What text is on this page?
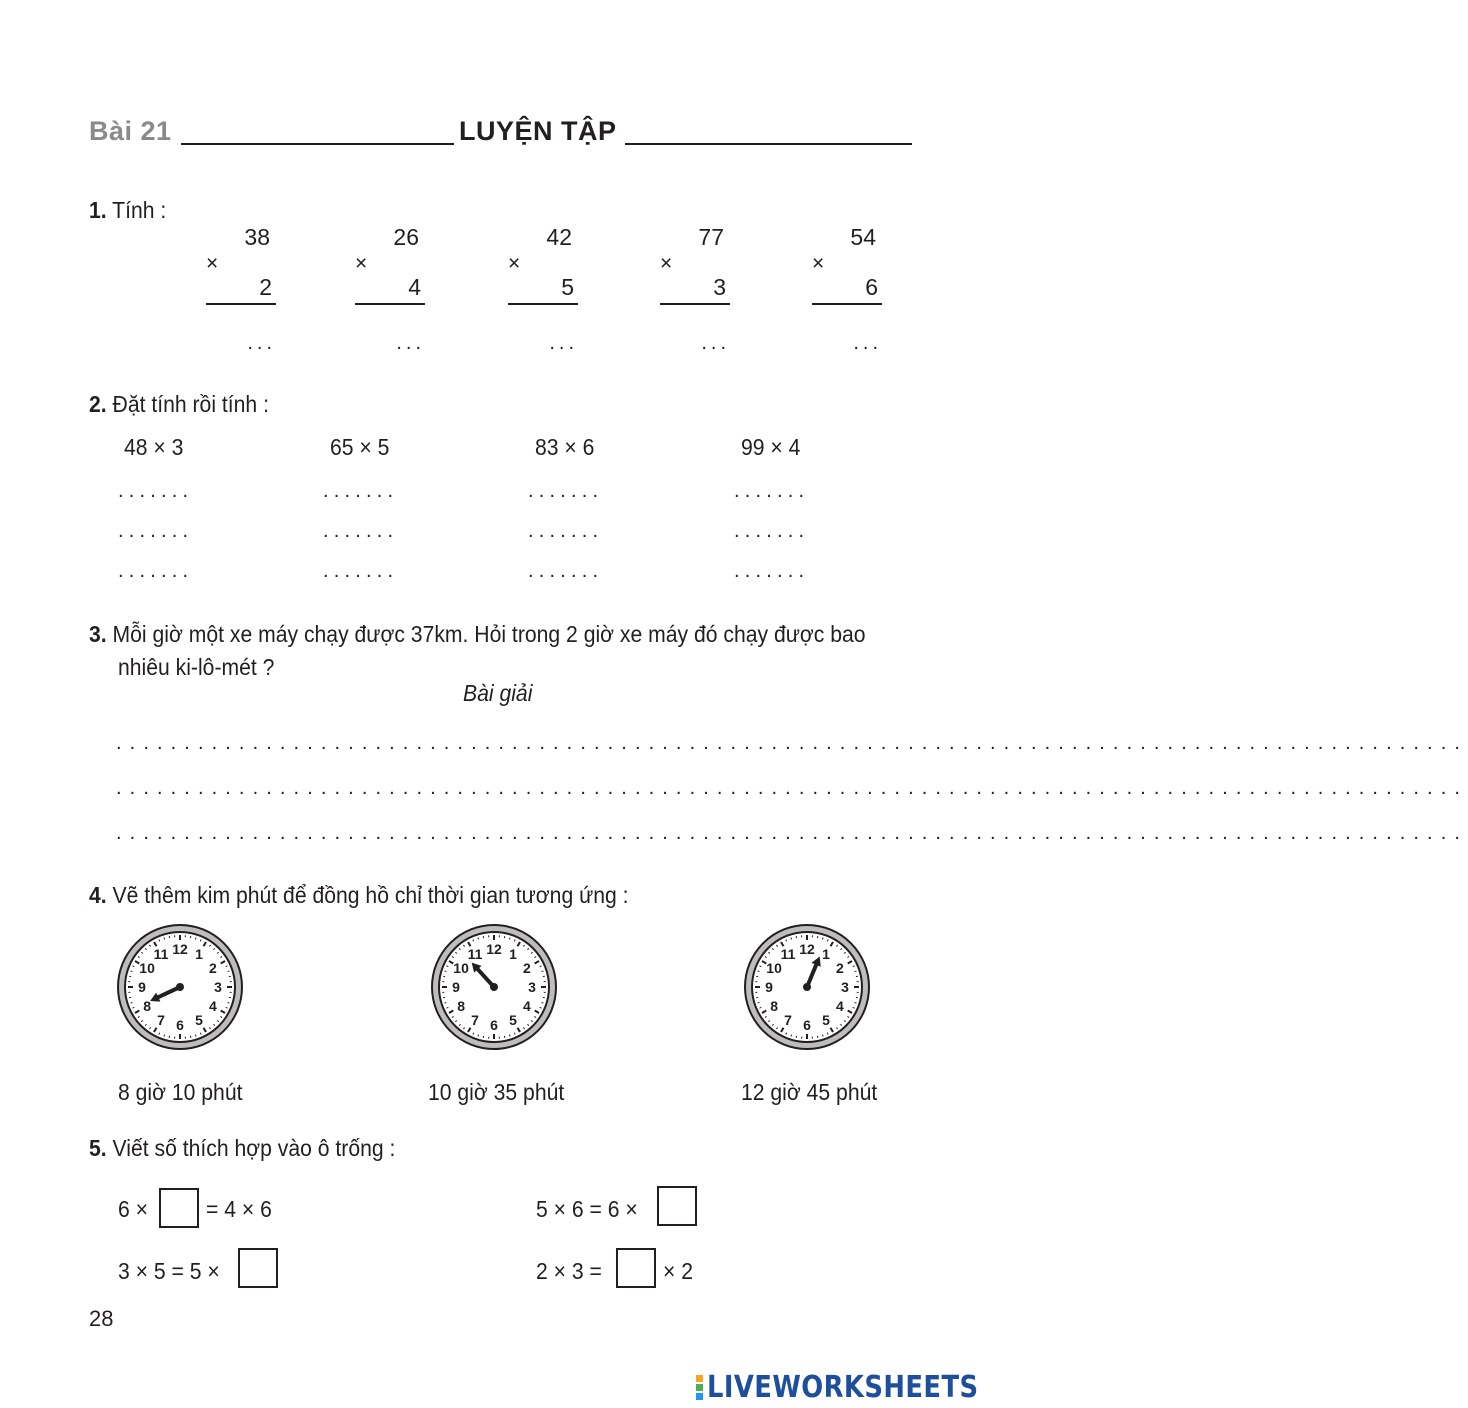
Bài 21	LUYỆN TẬP
1. Tính :
38
×
2
...
26
×
4
...
42
×
5
...
77
×
3
...
54
×
6
...
2. Đặt tính rồi tính :
48 × 3	65 × 5	83 × 6	99 × 4
.......	.......	.......	.......
.......	.......	.......	.......
.......	.......	.......	.......
3. Mỗi giờ một xe máy chạy được 37km. Hỏi trong 2 giờ xe máy đó chạy được bao
nhiêu ki-lô-mét ?
Bài giải
...................................................................................................
...................................................................................................
...................................................................................................
4. Vẽ thêm kim phút để đồng hồ chỉ thời gian tương ứng :
1
2
3
4
5
6
7
8
9
10
11 12	1
2
3
4
5
6
7
8
9
10
11 12	1
2
3
4
5
6
7
8
9
10
11 12
8 giờ 10 phút	10 giờ 35 phút	12 giờ 45 phút
5. Viết số thích hợp vào ô trống :
6 ×	= 4 × 6	5 × 6 = 6 ×
3 × 5 = 5 ×	2 × 3 =	× 2
28
LIVEWORKSHEETS
